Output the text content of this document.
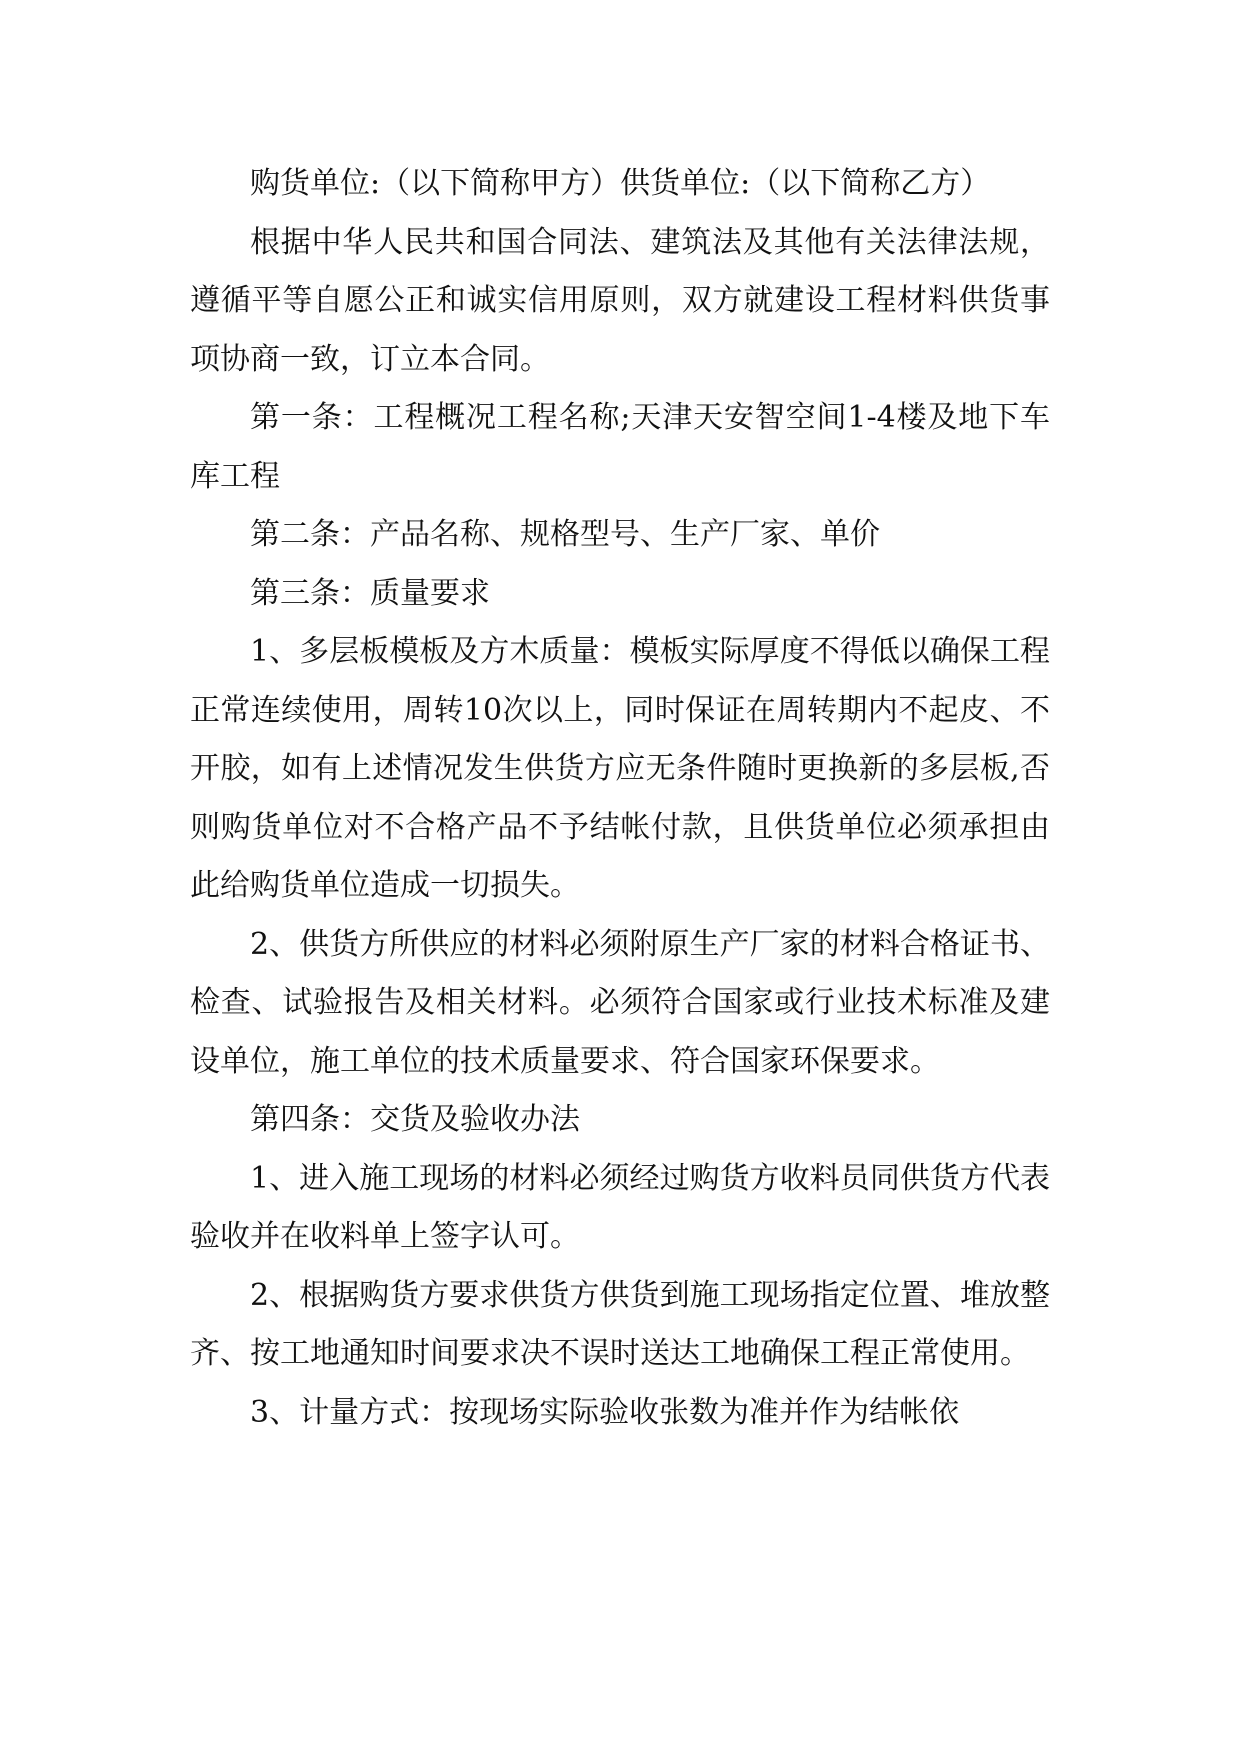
购货单位:（以下简称甲方）供货单位:（以下简称乙方）

根据中华人民共和国合同法、建筑法及其他有关法律法规，遵循平等自愿公正和诚实信用原则，双方就建设工程材料供货事项协商一致，订立本合同。

第一条：工程概况工程名称;天津天安智空间1-4楼及地下车库工程

第二条：产品名称、规格型号、生产厂家、单价

第三条：质量要求

1、多层板模板及方木质量：模板实际厚度不得低以确保工程正常连续使用，周转10次以上，同时保证在周转期内不起皮、不开胶，如有上述情况发生供货方应无条件随时更换新的多层板,否则购货单位对不合格产品不予结帐付款，且供货单位必须承担由此给购货单位造成一切损失。

2、供货方所供应的材料必须附原生产厂家的材料合格证书、检查、试验报告及相关材料。必须符合国家或行业技术标准及建设单位，施工单位的技术质量要求、符合国家环保要求。

第四条：交货及验收办法

1、进入施工现场的材料必须经过购货方收料员同供货方代表验收并在收料单上签字认可。

2、根据购货方要求供货方供货到施工现场指定位置、堆放整齐、按工地通知时间要求决不误时送达工地确保工程正常使用。

3、计量方式：按现场实际验收张数为准并作为结帐依
